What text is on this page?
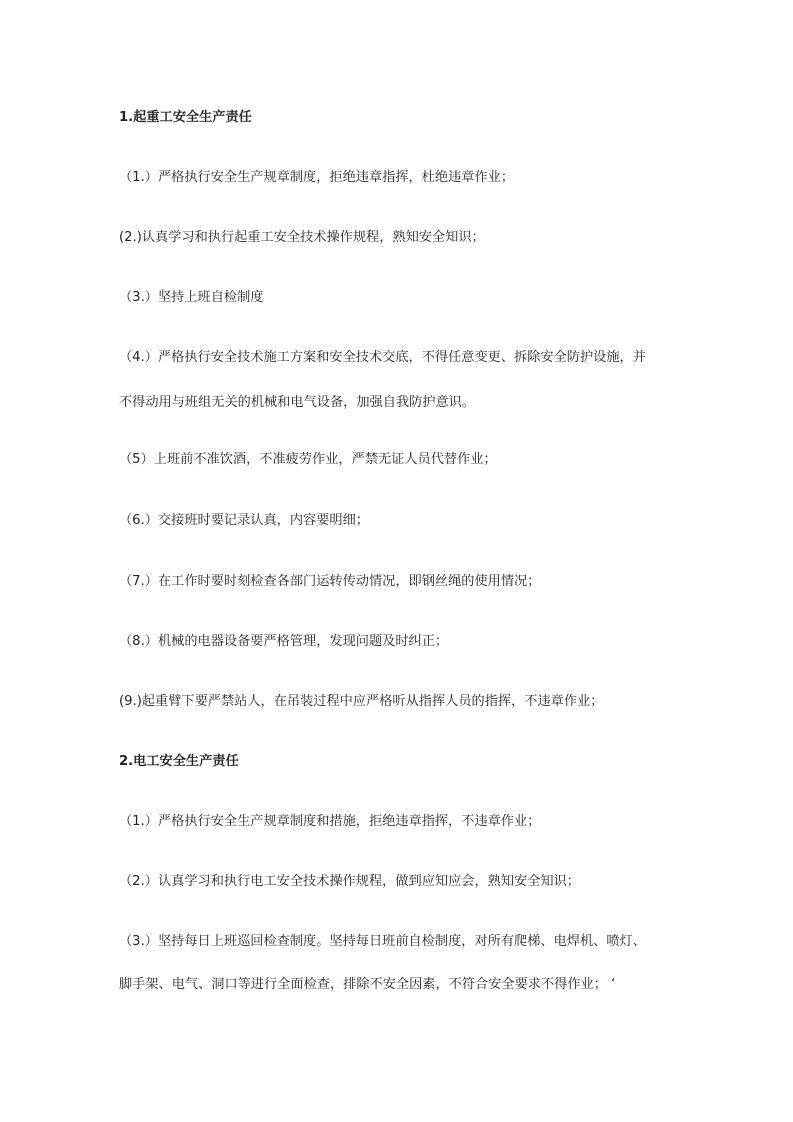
1.起重工安全生产责任
（1.）严格执行安全生产规章制度，拒绝违章指挥，杜绝违章作业；
(2.)认真学习和执行起重工安全技术操作规程，熟知安全知识；
（3.）坚持上班自检制度
（4.）严格执行安全技术施工方案和安全技术交底，不得任意变更、拆除安全防护设施，并
不得动用与班组无关的机械和电气设备，加强自我防护意识。
（5）上班前不准饮酒，不准疲劳作业，严禁无证人员代替作业；
（6.）交接班时要记录认真，内容要明细；
（7.）在工作时要时刻检查各部门运转传动情况，即钢丝绳的使用情况；
（8.）机械的电器设备要严格管理，发现问题及时纠正；
(9.)起重臂下要严禁站人，在吊装过程中应严格听从指挥人员的指挥，不违章作业；
2.电工安全生产责任
（1.）严格执行安全生产规章制度和措施，拒绝违章指挥，不违章作业；
（2.）认真学习和执行电工安全技术操作规程，做到应知应会，熟知安全知识；
（3.）坚持每日上班巡回检查制度。坚持每日班前自检制度，对所有爬梯、电焊机、喷灯、
脚手架、电气、洞口等进行全面检查，排除不安全因素，不符合安全要求不得作业； ‘
